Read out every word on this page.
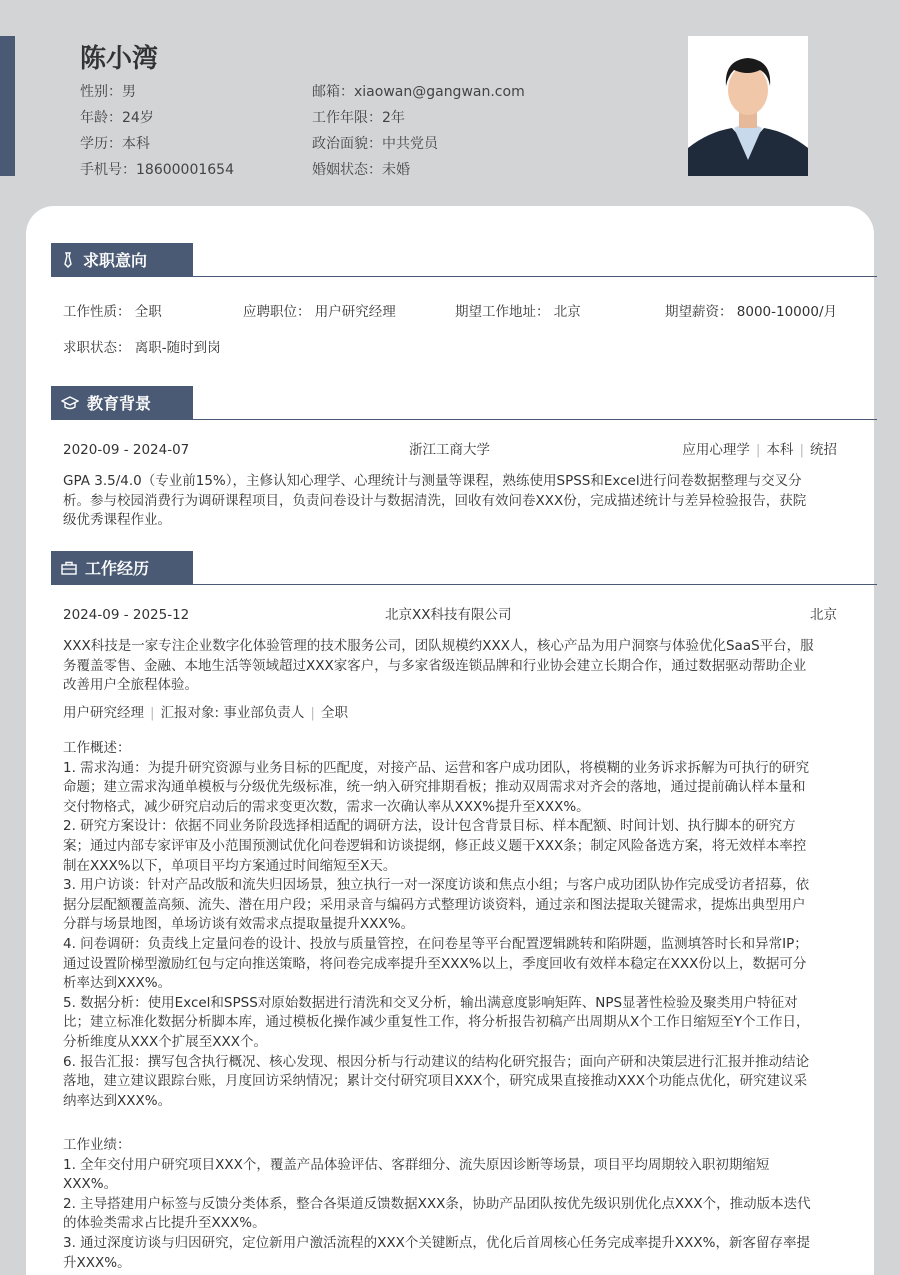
陈小湾
性别：男
年龄：24岁
学历：本科
手机号：18600001654
邮箱：xiaowan@gangwan.com
工作年限：2年
政治面貌：中共党员
婚姻状态：未婚
求职意向
工作性质： 全职	应聘职位： 用户研究经理	期望工作地址： 北京	期望薪资： 8000-10000/月
求职状态： 离职-随时到岗
教育背景
2020-09 - 2024-07	浙江工商大学	应用心理学 | 本科 | 统招
GPA 3.5/4.0（专业前15%），主修认知心理学、心理统计与测量等课程，熟练使用SPSS和Excel进行问卷数据整理与交叉分
析。参与校园消费行为调研课程项目，负责问卷设计与数据清洗，回收有效问卷XXX份，完成描述统计与差异检验报告，获院
级优秀课程作业。
工作经历
2024-09 - 2025-12	北京XX科技有限公司	北京
XXX科技是一家专注企业数字化体验管理的技术服务公司，团队规模约XXX人，核心产品为用户洞察与体验优化SaaS平台，服
务覆盖零售、金融、本地生活等领域超过XXX家客户，与多家省级连锁品牌和行业协会建立长期合作，通过数据驱动帮助企业
改善用户全旅程体验。
用户研究经理 | 汇报对象: 事业部负责人 | 全职
工作概述：
1. 需求沟通：为提升研究资源与业务目标的匹配度，对接产品、运营和客户成功团队，将模糊的业务诉求拆解为可执行的研究
命题；建立需求沟通单模板与分级优先级标准，统一纳入研究排期看板；推动双周需求对齐会的落地，通过提前确认样本量和
交付物格式，减少研究启动后的需求变更次数，需求一次确认率从XXX%提升至XXX%。
2. 研究方案设计：依据不同业务阶段选择相适配的调研方法，设计包含背景目标、样本配额、时间计划、执行脚本的研究方
案；通过内部专家评审及小范围预测试优化问卷逻辑和访谈提纲，修正歧义题干XXX条；制定风险备选方案，将无效样本率控
制在XXX%以下，单项目平均方案通过时间缩短至X天。
3. 用户访谈：针对产品改版和流失归因场景，独立执行一对一深度访谈和焦点小组；与客户成功团队协作完成受访者招募，依
据分层配额覆盖高频、流失、潜在用户段；采用录音与编码方式整理访谈资料，通过亲和图法提取关键需求，提炼出典型用户
分群与场景地图，单场访谈有效需求点提取量提升XXX%。
4. 问卷调研：负责线上定量问卷的设计、投放与质量管控，在问卷星等平台配置逻辑跳转和陷阱题，监测填答时长和异常IP；
通过设置阶梯型激励红包与定向推送策略，将问卷完成率提升至XXX%以上，季度回收有效样本稳定在XXX份以上，数据可分
析率达到XXX%。
5. 数据分析：使用Excel和SPSS对原始数据进行清洗和交叉分析，输出满意度影响矩阵、NPS显著性检验及聚类用户特征对
比；建立标准化数据分析脚本库，通过模板化操作减少重复性工作，将分析报告初稿产出周期从X个工作日缩短至Y个工作日，
分析维度从XXX个扩展至XXX个。
6. 报告汇报：撰写包含执行概况、核心发现、根因分析与行动建议的结构化研究报告；面向产研和决策层进行汇报并推动结论
落地，建立建议跟踪台账，月度回访采纳情况；累计交付研究项目XXX个，研究成果直接推动XXX个功能点优化，研究建议采
纳率达到XXX%。
工作业绩：
1. 全年交付用户研究项目XXX个，覆盖产品体验评估、客群细分、流失原因诊断等场景，项目平均周期较入职初期缩短
XXX%。
2. 主导搭建用户标签与反馈分类体系，整合各渠道反馈数据XXX条，协助产品团队按优先级识别优化点XXX个，推动版本迭代
的体验类需求占比提升至XXX%。
3. 通过深度访谈与归因研究，定位新用户激活流程的XXX个关键断点，优化后首周核心任务完成率提升XXX%，新客留存率提
升XXX%。
